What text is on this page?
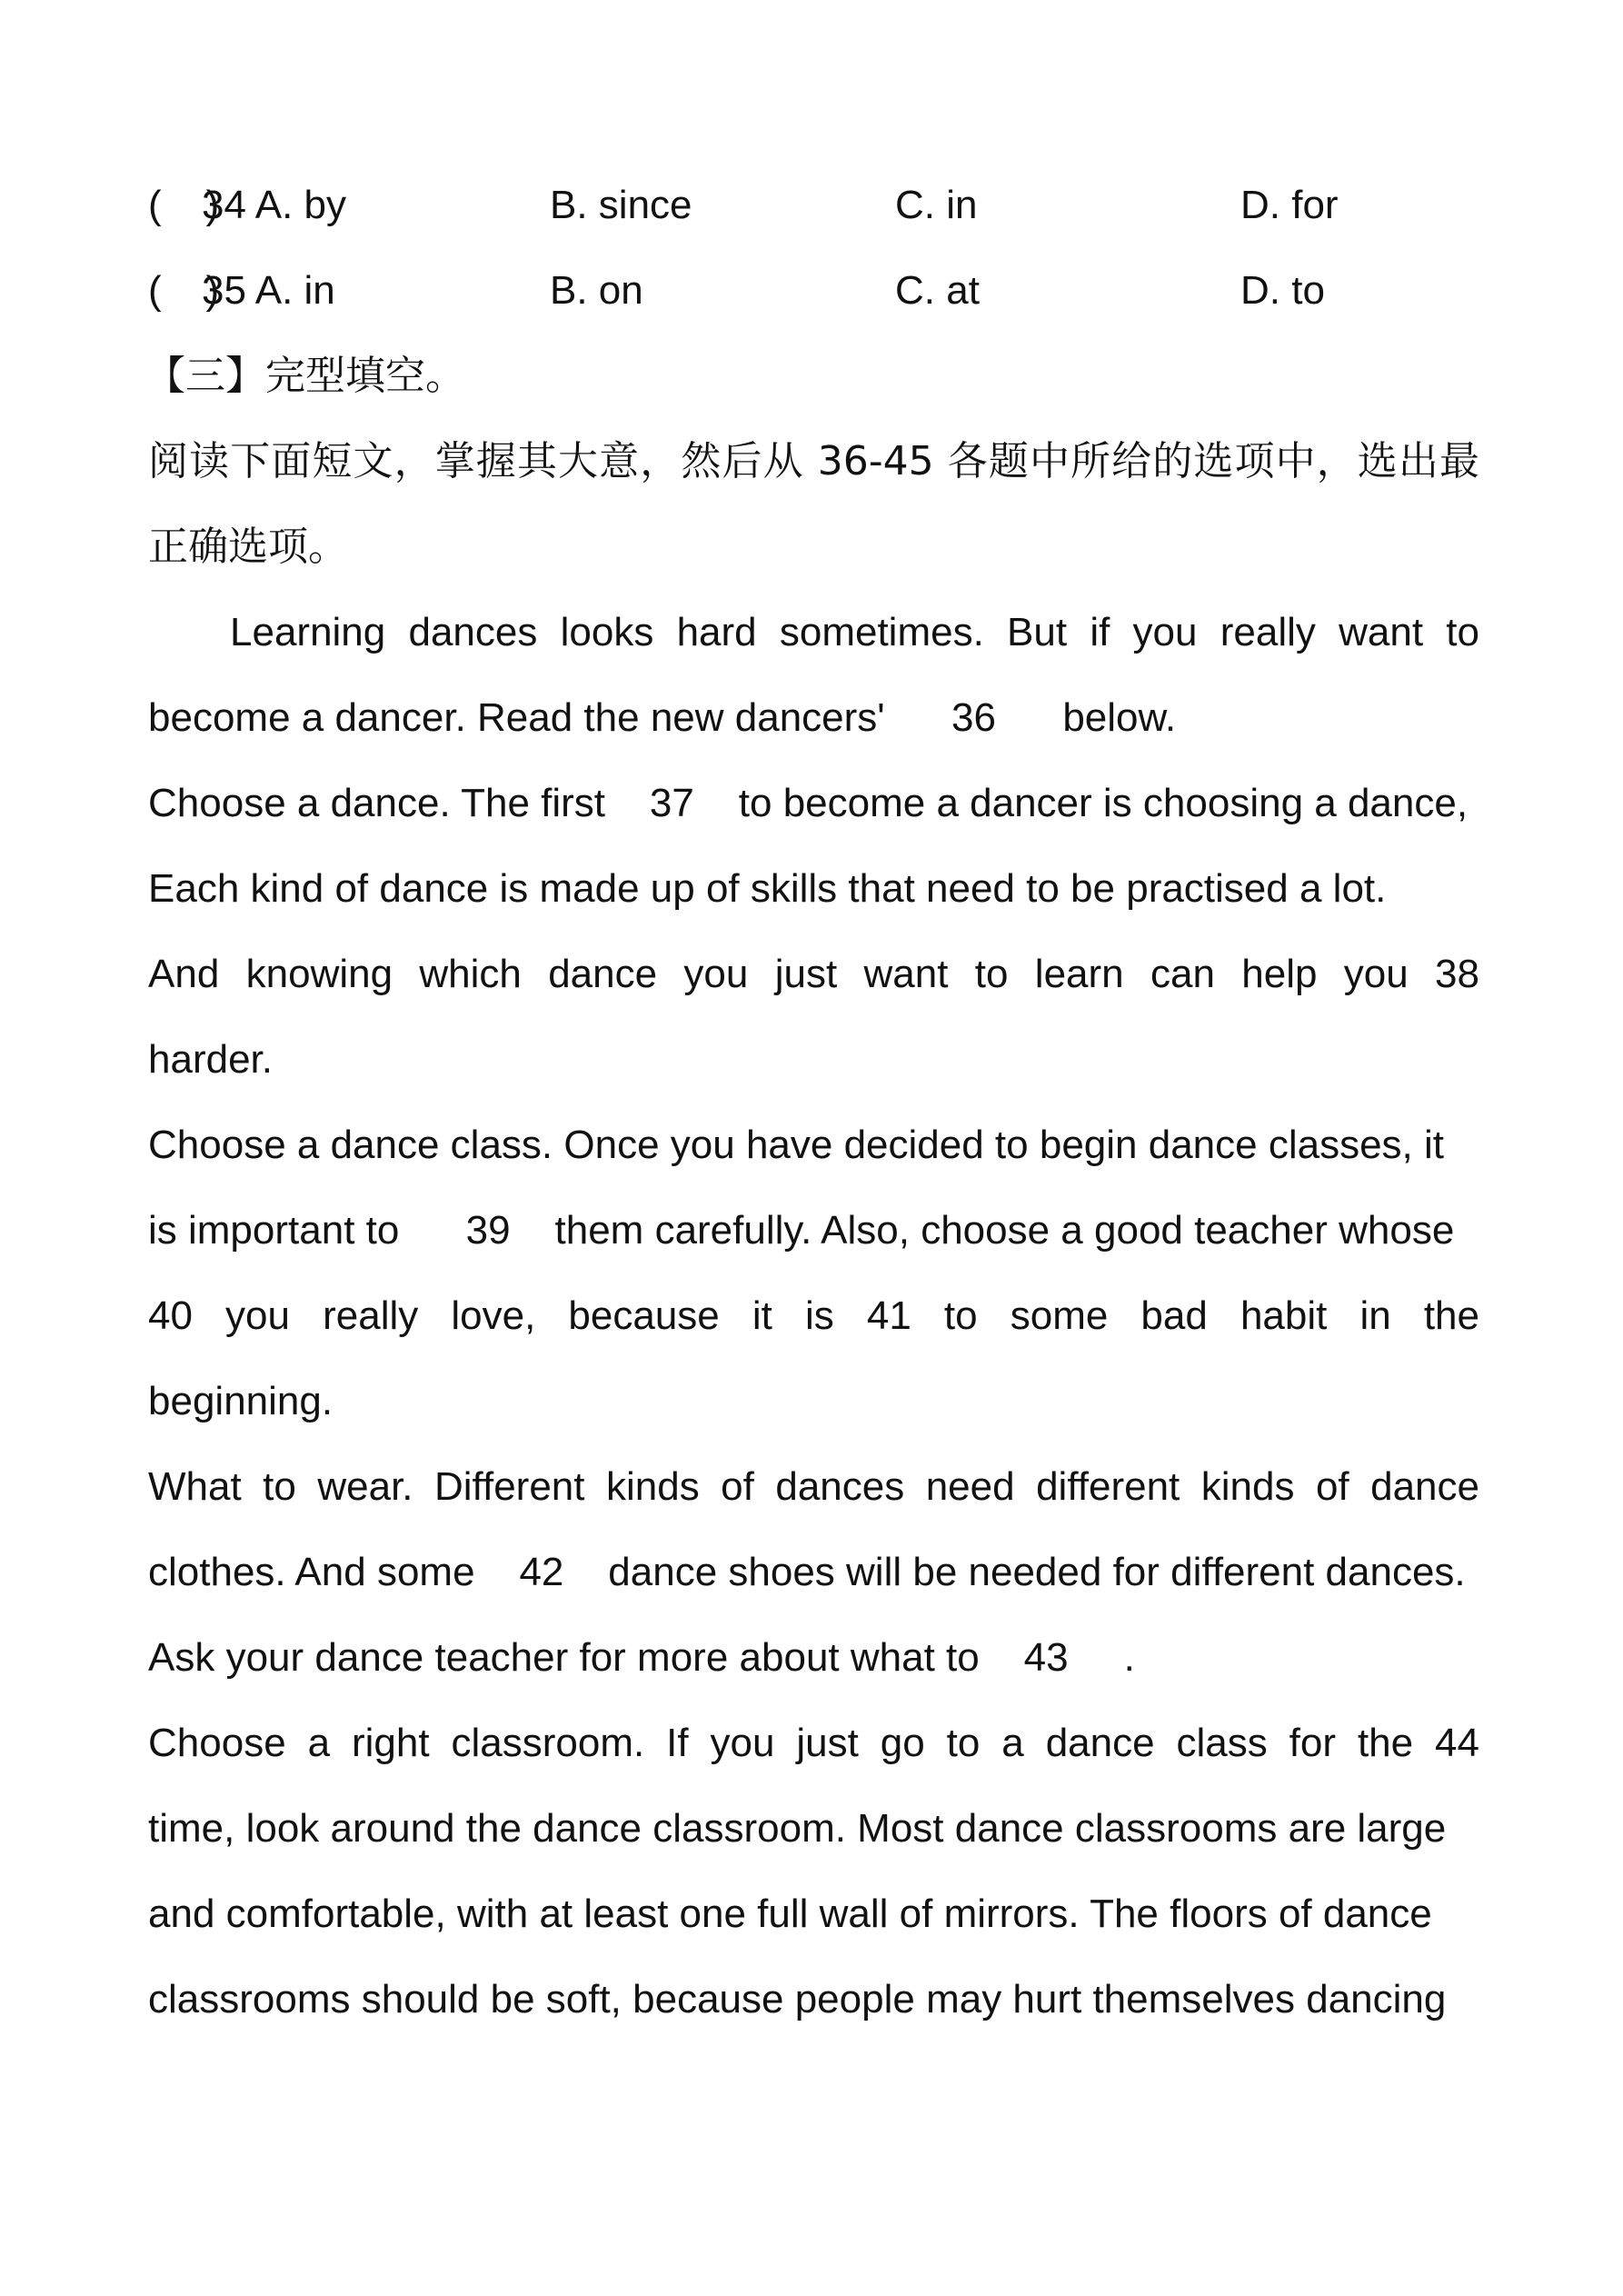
(    )
34 A. by	B. since	C. in	D. for
(    )
35 A. in	B. on	C. at	D. to
【三】完型填空。
阅读下面短文，掌握其大意，然后从 36-45 各题中所给的选项中，选出最
正确选项。
Learning dances looks hard sometimes. But if you really want to
become a dancer. Read the new dancers'      36      below.
Choose a dance. The first    37    to become a dancer is choosing a dance,
Each kind of dance is made up of skills that need to be practised a lot.
And knowing which dance you just want to learn can help you 38
harder.
Choose a dance class. Once you have decided to begin dance classes, it
is important to      39    them carefully. Also, choose a good teacher whose
40 you really love, because it is 41 to some bad habit in the
beginning.
What to wear. Different kinds of dances need different kinds of dance
clothes. And some    42    dance shoes will be needed for different dances.
Ask your dance teacher for more about what to    43     .
Choose a right classroom. If you just go to a dance class for the 44
time, look around the dance classroom. Most dance classrooms are large
and comfortable, with at least one full wall of mirrors. The floors of dance
classrooms should be soft, because people may hurt themselves dancing
